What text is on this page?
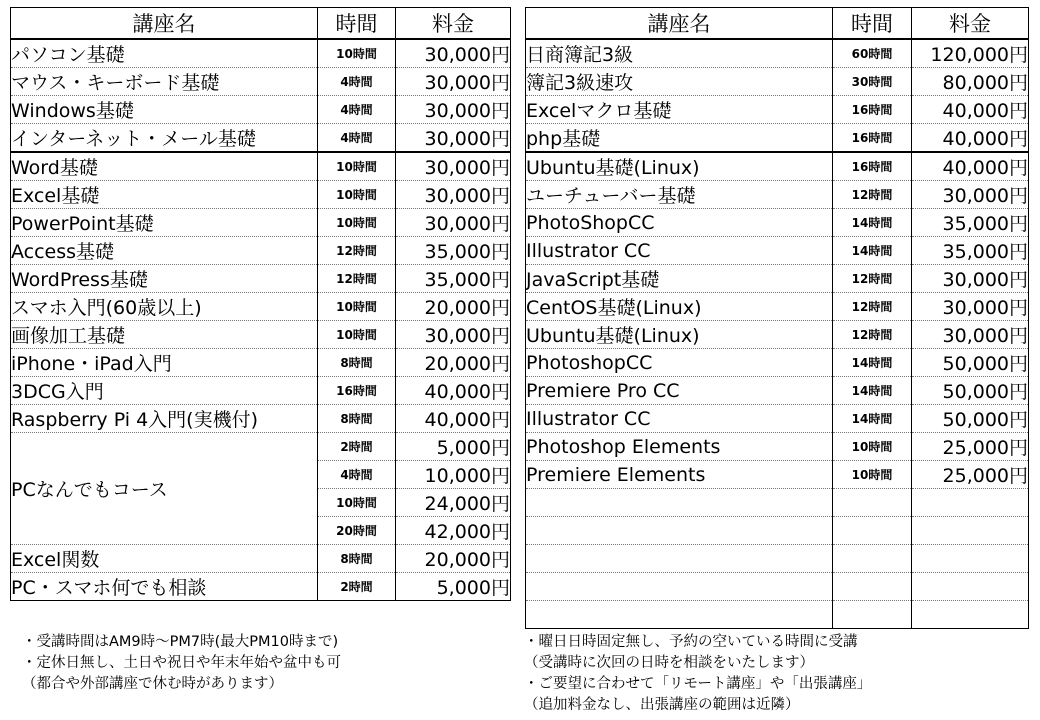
講座名	時間	料金
パソコン基礎	10時間	30,000円
マウス・キーボード基礎	4時間	30,000円
Windows基礎	4時間	30,000円
インターネット・メール基礎	4時間	30,000円
Word基礎	10時間	30,000円
Excel基礎	10時間	30,000円
PowerPoint基礎	10時間	30,000円
Access基礎	12時間	35,000円
WordPress基礎	12時間	35,000円
スマホ入門(60歳以上)	10時間	20,000円
画像加工基礎	10時間	30,000円
iPhone・iPad入門	8時間	20,000円
3DCG入門	16時間	40,000円
Raspberry Pi 4入門(実機付)	8時間	40,000円
PCなんでもコース	2時間	5,000円
	4時間	10,000円
	10時間	24,000円
	20時間	42,000円
Excel関数	8時間	20,000円
PC・スマホ何でも相談	2時間	5,000円
講座名	時間	料金
日商簿記3級	60時間	120,000円
簿記3級速攻	30時間	80,000円
Excelマクロ基礎	16時間	40,000円
php基礎	16時間	40,000円
Ubuntu基礎(Linux)	16時間	40,000円
ユーチューバー基礎	12時間	30,000円
PhotoShopCC	14時間	35,000円
Illustrator CC	14時間	35,000円
JavaScript基礎	12時間	30,000円
CentOS基礎(Linux)	12時間	30,000円
Ubuntu基礎(Linux)	12時間	30,000円
PhotoshopCC	14時間	50,000円
Premiere Pro CC	14時間	50,000円
Illustrator CC	14時間	50,000円
Photoshop Elements	10時間	25,000円
Premiere Elements	10時間	25,000円

・受講時間はAM9時～PM7時(最大PM10時まで)
・定休日無し、土日や祝日や年末年始や盆中も可
（都合や外部講座で休む時があります）
・曜日日時固定無し、予約の空いている時間に受講
（受講時に次回の日時を相談をいたします）
・ご要望に合わせて「リモート講座」や「出張講座」
（追加料金なし、出張講座の範囲は近隣）
